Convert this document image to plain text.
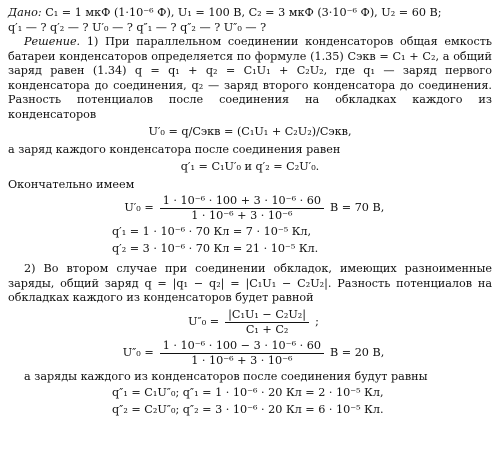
Дано: C₁ = 1 мкФ (1·10⁻⁶ Ф), U₁ = 100 В, C₂ = 3 мкФ (3·10⁻⁶ Ф), U₂ = 60 В;

q′₁ — ? q′₂ — ? U′₀ — ? q″₁ — ? q″₂ — ? U″₀ — ?

Решение. 1) При параллельном соединении конденсаторов общая емкость батареи конденсаторов определяется по формуле (1.35) Cэкв = C₁ + C₂, а общий заряд равен (1.34) q = q₁ + q₂ = C₁U₁ + C₂U₂, где q₁ — заряд первого конденсатора до соединения, q₂ — заряд второго конденсатора до соединения. Разность потенциалов после соединения на обкладках каждого из конденсаторов

U′₀ = q/Cэкв = (C₁U₁ + C₂U₂)/Cэкв,

а заряд каждого конденсатора после соединения равен

q′₁ = C₁U′₀ и q′₂ = C₂U′₀.

Окончательно имеем

$U'_0 = \frac{\text{1 · 10⁻⁶ · 100 + 3 · 10⁻⁶ · 60}}{\text{1 · 10⁻⁶ + 3 · 10⁻⁶}}$ В = 70 В,
q′₁ = 1 · 10⁻⁶ · 70 Кл = 7 · 10⁻⁵ Кл,
q′₂ = 3 · 10⁻⁶ · 70 Кл = 21 · 10⁻⁵ Кл.

2) Во втором случае при соединении обкладок, имеющих разноименные заряды, общий заряд q = |q₁ − q₂| = |C₁U₁ − C₂U₂|. Разность потенциалов на обкладках каждого из конденсаторов будет равной

$U''_0 = \frac{\text{|C₁U₁ − C₂U₂|}}{\text{C₁ + C₂}}$ ;
$U''_0 = \frac{\text{1 · 10⁻⁶ · 100 − 3 · 10⁻⁶ · 60}}{\text{1 · 10⁻⁶ + 3 · 10⁻⁶}}$ В = 20 В,

а заряды каждого из конденсаторов после соединения будут равны

q″₁ = C₁U″₀; q″₁ = 1 · 10⁻⁶ · 20 Кл = 2 · 10⁻⁵ Кл,
q″₂ = C₂U″₀; q″₂ = 3 · 10⁻⁶ · 20 Кл = 6 · 10⁻⁵ Кл.
